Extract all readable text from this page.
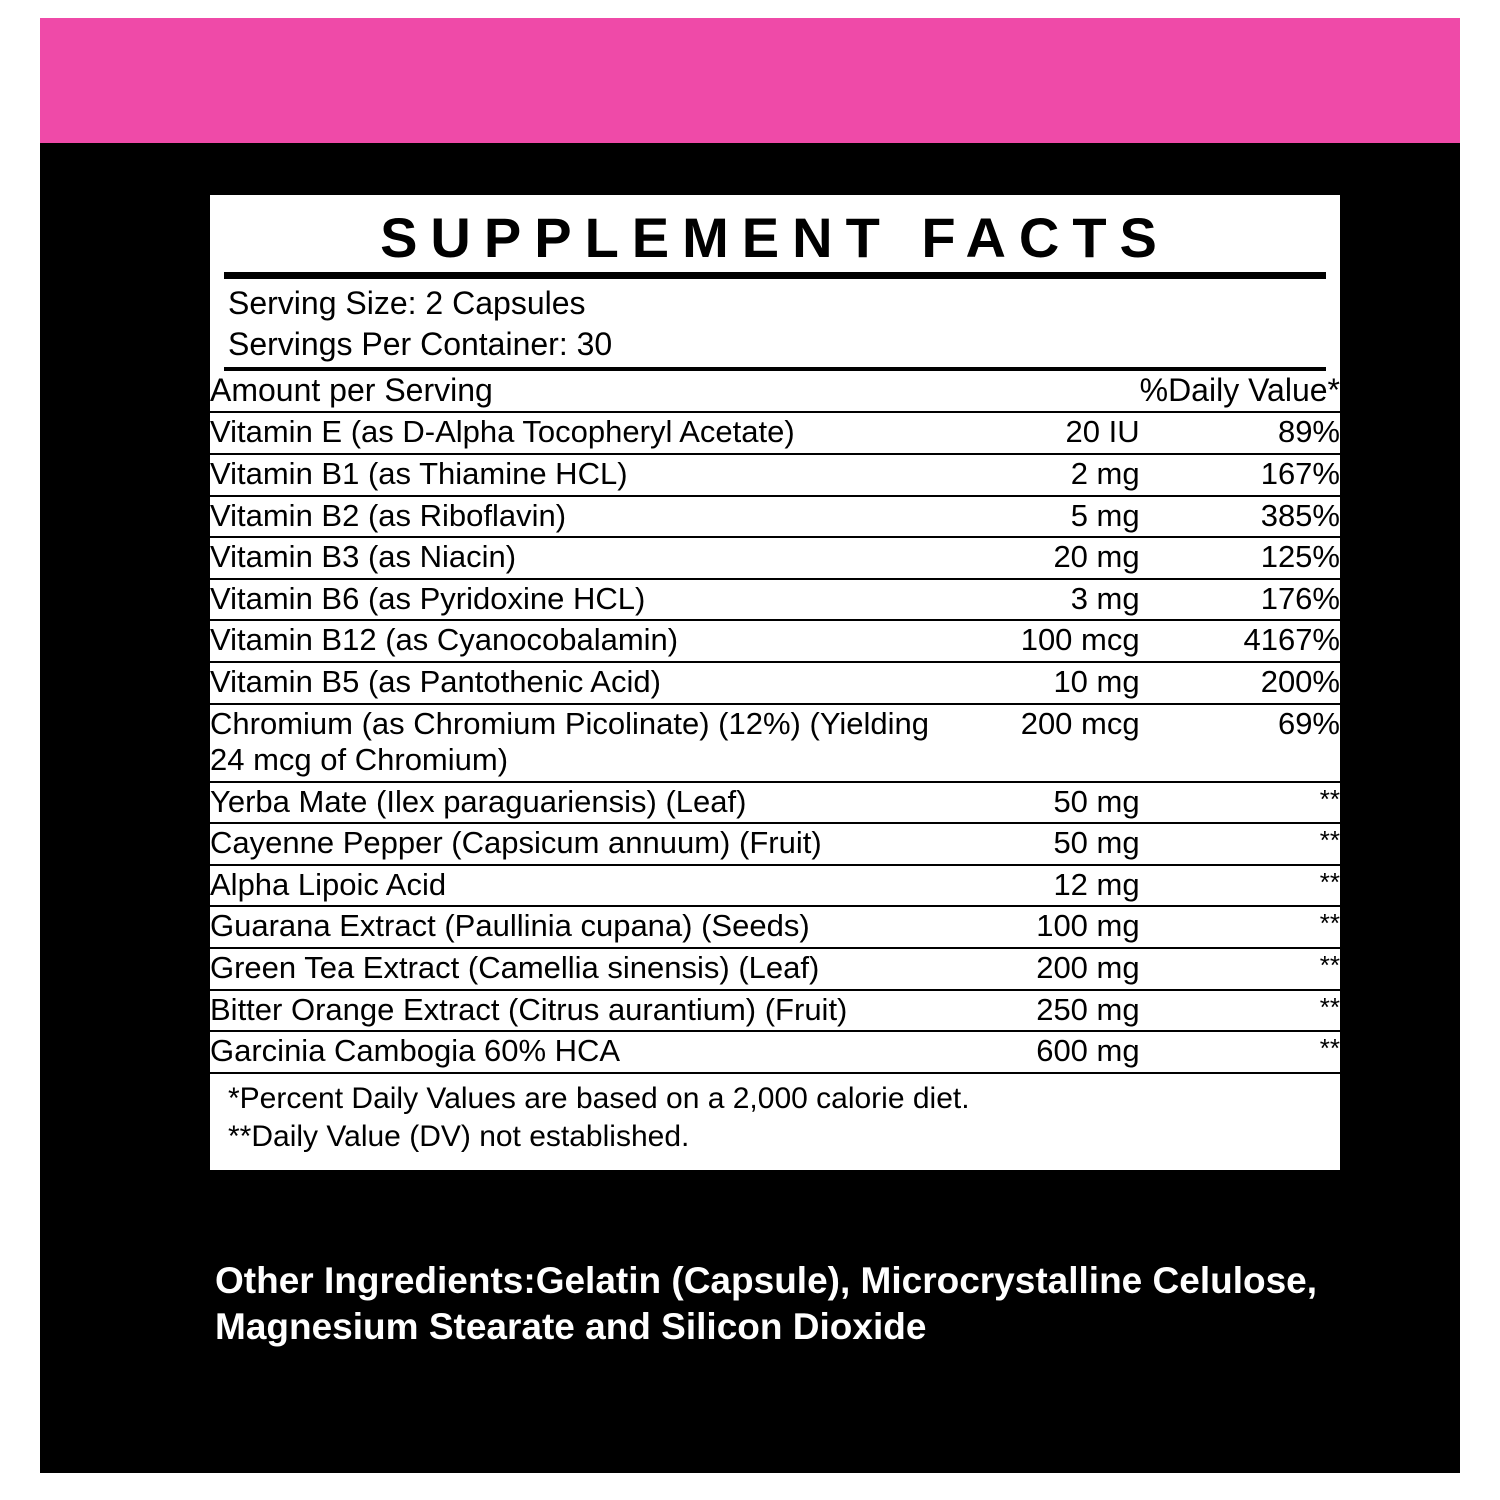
SUPPLEMENT FACTS
Serving Size: 2 Capsules
Servings Per Container: 30
Amount per Serving		%Daily Value*
Vitamin E (as D-Alpha Tocopheryl Acetate)	20 IU	89%
Vitamin B1 (as Thiamine HCL)	2 mg	167%
Vitamin B2 (as Riboflavin)	5 mg	385%
Vitamin B3 (as Niacin)	20 mg	125%
Vitamin B6 (as Pyridoxine HCL)	3 mg	176%
Vitamin B12 (as Cyanocobalamin)	100 mcg	4167%
Vitamin B5 (as Pantothenic Acid)	10 mg	200%
Chromium (as Chromium Picolinate) (12%) (Yielding 24 mcg of Chromium)	200 mcg	69%
Yerba Mate (Ilex paraguariensis) (Leaf)	50 mg	**
Cayenne Pepper (Capsicum annuum) (Fruit)	50 mg	**
Alpha Lipoic Acid	12 mg	**
Guarana Extract (Paullinia cupana) (Seeds)	100 mg	**
Green Tea Extract (Camellia sinensis) (Leaf)	200 mg	**
Bitter Orange Extract (Citrus aurantium) (Fruit)	250 mg	**
Garcinia Cambogia 60% HCA	600 mg	**
*Percent Daily Values are based on a 2,000 calorie diet.
**Daily Value (DV) not established.
Other Ingredients:Gelatin (Capsule), Microcrystalline Celulose, Magnesium Stearate and Silicon Dioxide
